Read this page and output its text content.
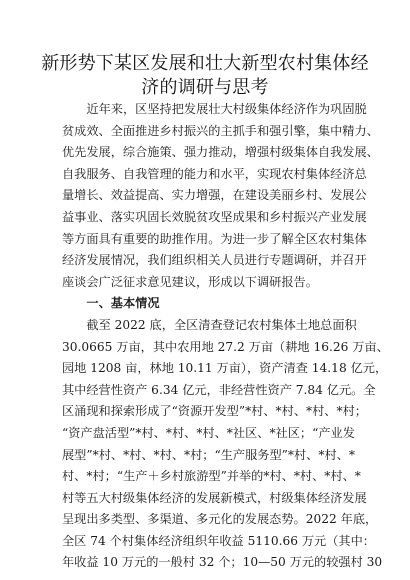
新形势下某区发展和壮大新型农村集体经
济的调研与思考

近年来，区坚持把发展壮大村级集体经济作为巩固脱
贫成效、全面推进乡村振兴的主抓手和强引擎，集中精力、
优先发展，综合施策、强力推动，增强村级集体自我发展、
自我服务、自我管理的能力和水平，实现农村集体经济总
量增长、效益提高、实力增强，在建设美丽乡村、发展公
益事业、落实巩固长效脱贫攻坚成果和乡村振兴产业发展
等方面具有重要的助推作用。为进一步了解全区农村集体
经济发展情况，我们组织相关人员进行专题调研，并召开
座谈会广泛征求意见建议，形成以下调研报告。

一、基本情况

截至 2022 底，全区清查登记农村集体土地总面积
30.0665 万亩，其中农用地 27.2 万亩（耕地 16.26 万亩、
园地 1208 亩，林地 10.11 万亩），资产清查 14.18 亿元，
其中经营性资产 6.34 亿元，非经营性资产 7.84 亿元。全
区涌现和探索形成了“资源开发型”*村、*村、*村、*村；
“资产盘活型”*村、*村、*村、*社区、*社区；“产业发
展型”*村、*村、*村、*村；“生产服务型”*村、*村、*
村、*村；“生产＋乡村旅游型”并举的*村、*村、*村、*
村等五大村级集体经济的发展新模式，村级集体经济发展
呈现出多类型、多渠道、多元化的发展态势。2022 年底，
全区 74 个村集体经济组织年收益 5110.66 万元（其中：
年收益 10 万元的一般村 32 个；10—50 万元的较强村 30
